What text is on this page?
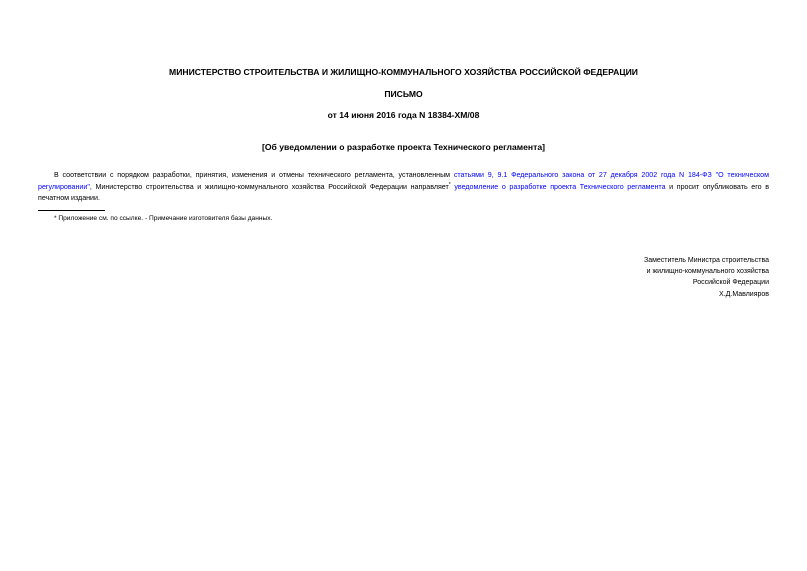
МИНИСТЕРСТВО СТРОИТЕЛЬСТВА И ЖИЛИЩНО-КОММУНАЛЬНОГО ХОЗЯЙСТВА РОССИЙСКОЙ ФЕДЕРАЦИИ
ПИСЬМО
от 14 июня 2016 года N 18384-ХМ/08
[Об уведомлении о разработке проекта Технического регламента]

В соответствии с порядком разработки, принятия, изменения и отмены технического регламента, установленным статьями 9, 9.1 Федерального закона от 27 декабря 2002 года N 184-ФЗ "О техническом регулировании", Министерство строительства и жилищно-коммунального хозяйства Российской Федерации направляет* уведомление о разработке проекта Технического регламента и просит опубликовать его в печатном издании.

* Приложение см. по ссылке. - Примечание изготовителя базы данных.
Заместитель Министра строительства
и жилищно-коммунального хозяйства
Российской Федерации
Х.Д.Мавлияров
